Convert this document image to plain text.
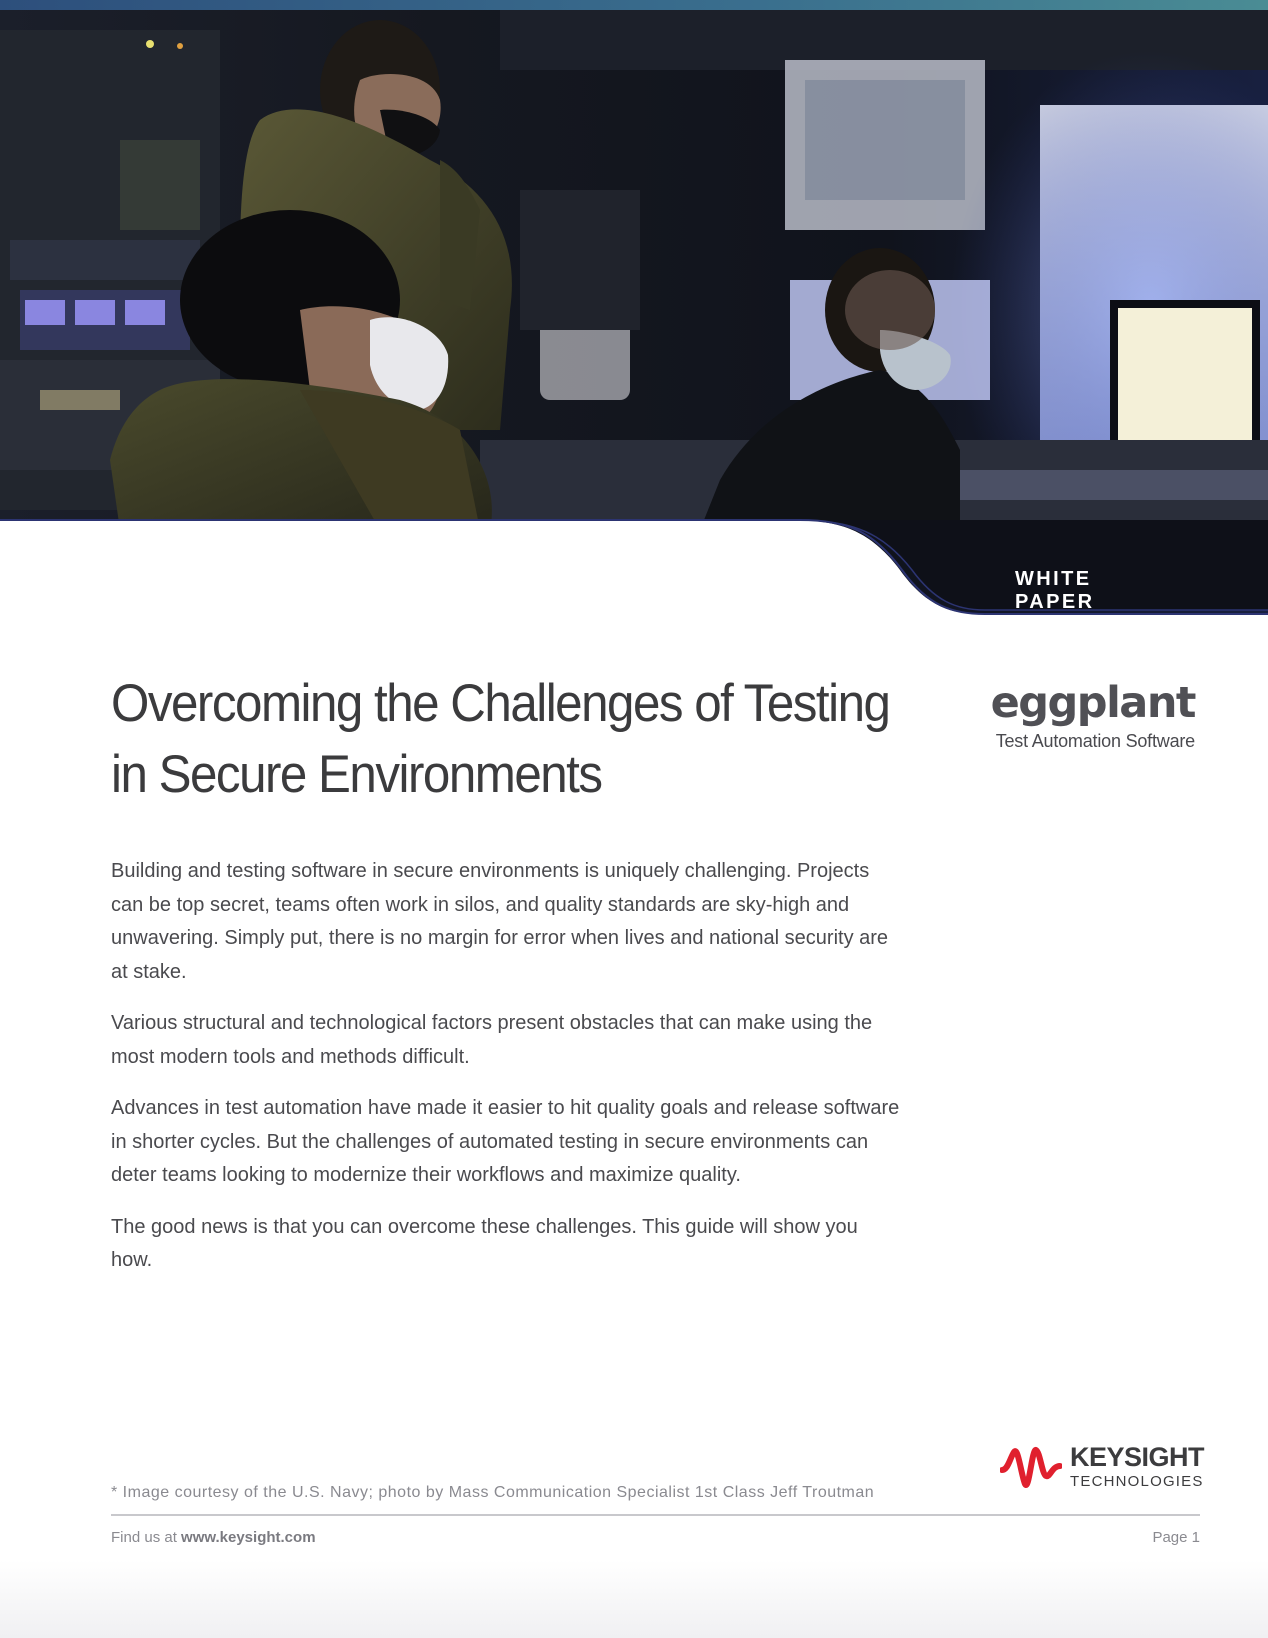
WHITE PAPER
Overcoming the Challenges of Testing
in Secure Environments
eggplant
Test Automation Software

Building and testing software in secure environments is uniquely challenging. Projects can be top secret, teams often work in silos, and quality standards are sky-high and unwavering. Simply put, there is no margin for error when lives and national security are at stake.

Various structural and technological factors present obstacles that can make using the most modern tools and methods difficult.

Advances in test automation have made it easier to hit quality goals and release software in shorter cycles. But the challenges of automated testing in secure environments can deter teams looking to modernize their workflows and maximize quality.

The good news is that you can overcome these challenges. This guide will show you how.

KEYSIGHT
TECHNOLOGIES
* Image courtesy of the U.S. Navy; photo by Mass Communication Specialist 1st Class Jeff Troutman
Find us at www.keysight.com	Page 1
